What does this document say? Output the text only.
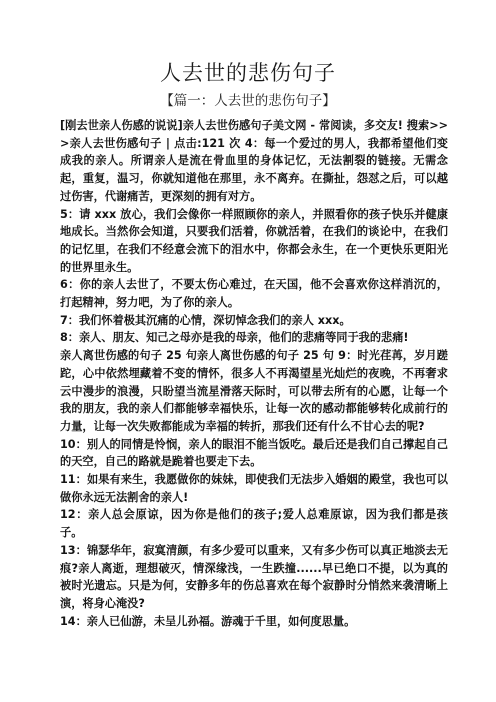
人去世的悲伤句子
【篇一：人去世的悲伤句子】

[刚去世亲人伤感的说说]亲人去世伤感句子美文网 - 常阅读，多交友! 搜索>>>亲人去世伤感句子 | 点击:121 次 4：每一个爱过的男人，我都希望他们变成我的亲人。所谓亲人是流在骨血里的身体记忆，无法割裂的链接。无需念起，重复，温习，你就知道他在那里，永不离弃。在撕扯，怨怼之后，可以越过伤害，代谢痛苦，更深刻的拥有对方。

5：请 xxx 放心，我们会像你一样照顾你的亲人，并照看你的孩子快乐并健康地成长。当然你会知道，只要我们活着，你就活着，在我们的谈论中，在我们的记忆里，在我们不经意会流下的泪水中，你都会永生，在一个更快乐更阳光的世界里永生。

6：你的亲人去世了，不要太伤心难过，在天国，他不会喜欢你这样消沉的，打起精神，努力吧，为了你的亲人。

7：我们怀着极其沉痛的心情，深切悼念我们的亲人 xxx。

8：亲人、朋友、知己之母亦是我的母亲，他们的悲痛等同于我的悲痛!

亲人离世伤感的句子 25 句亲人离世伤感的句子 25 句 9：时光荏苒，岁月蹉跎，心中依然埋藏着不变的情怀，很多人不再渴望星光灿烂的夜晚，不再奢求云中漫步的浪漫，只盼望当流星滑落天际时，可以带去所有的心愿，让每一个我的朋友，我的亲人们都能够幸福快乐，让每一次的感动都能够转化成前行的力量，让每一次失败都能成为幸福的转折，那我们还有什么不甘心去的呢?

10：别人的同情是怜悯，亲人的眼泪不能当饭吃。最后还是我们自己撑起自己的天空，自己的路就是跪着也要走下去。

11：如果有来生，我愿做你的妹妹，即使我们无法步入婚姻的殿堂，我也可以做你永远无法割舍的亲人!

12：亲人总会原谅，因为你是他们的孩子;爱人总难原谅，因为我们都是孩子。

13：锦瑟华年，寂寞清颜，有多少爱可以重来，又有多少伤可以真正地淡去无痕?亲人离逝，理想破灭，情深缘浅，一生跌撞......早已绝口不提，以为真的被时光遗忘。只是为何，安静多年的伤总喜欢在每个寂静时分悄然来袭清晰上演，将身心淹没?

14：亲人已仙游，未呈儿孙福。游魂于千里，如何度思量。
